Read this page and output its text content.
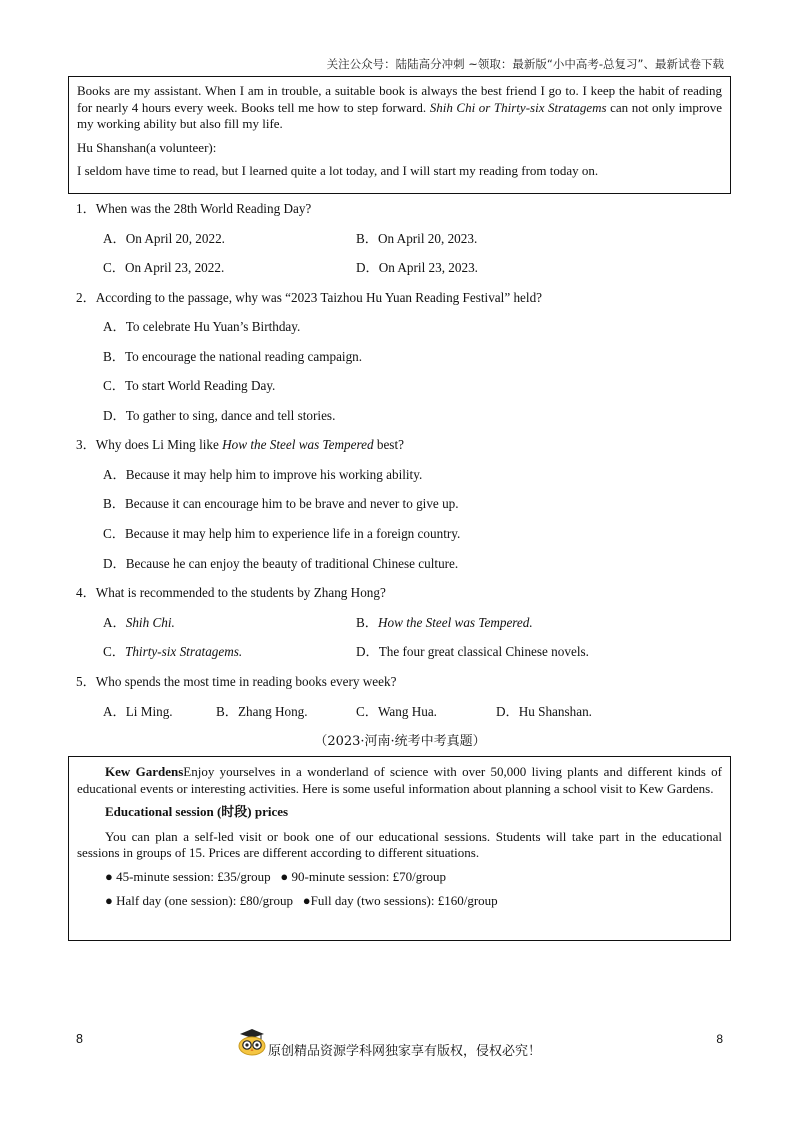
关注公众号：陆陆高分冲刺 ~领取：最新版“小中高考-总复习”、最新试卷下载

Books are my assistant. When I am in trouble, a suitable book is always the best friend I go to. I keep the habit of reading for nearly 4 hours every week. Books tell me how to step forward. Shih Chi or Thirty-six Stratagems can not only improve my working ability but also fill my life.

Hu Shanshan(a volunteer):

I seldom have time to read, but I learned quite a lot today, and I will start my reading from today on.

1．When was the 28th World Reading Day?
A．On April 20, 2022.	B．On April 20, 2023.
C．On April 23, 2022.	D．On April 23, 2023.
2．According to the passage, why was “2023 Taizhou Hu Yuan Reading Festival” held?
A．To celebrate Hu Yuan’s Birthday.
B．To encourage the national reading campaign.
C．To start World Reading Day.
D．To gather to sing, dance and tell stories.
3．Why does Li Ming like How the Steel was Tempered best?
A．Because it may help him to improve his working ability.
B．Because it can encourage him to be brave and never to give up.
C．Because it may help him to experience life in a foreign country.
D．Because he can enjoy the beauty of traditional Chinese culture.
4．What is recommended to the students by Zhang Hong?
A．Shih Chi.	B．How the Steel was Tempered.
C．Thirty-six Stratagems.	D．The four great classical Chinese novels.
5．Who spends the most time in reading books every week?
A．Li Ming.	B．Zhang Hong.	C．Wang Hua.	D．Hu Shanshan.
（2023·河南·统考中考真题）

Kew GardensEnjoy yourselves in a wonderland of science with over 50,000 living plants and different kinds of educational events or interesting activities. Here is some useful information about planning a school visit to Kew Gardens.

Educational session (时段) prices

You can plan a self-led visit or book one of our educational sessions. Students will take part in the educational sessions in groups of 15. Prices are different according to different situations.

● 45-minute session: £35/group   ● 90-minute session: £70/group

● Half day (one session): £80/group   ●Full day (two sessions): £160/group

8
原创精品资源学科网独家享有版权，侵权必究！
8
